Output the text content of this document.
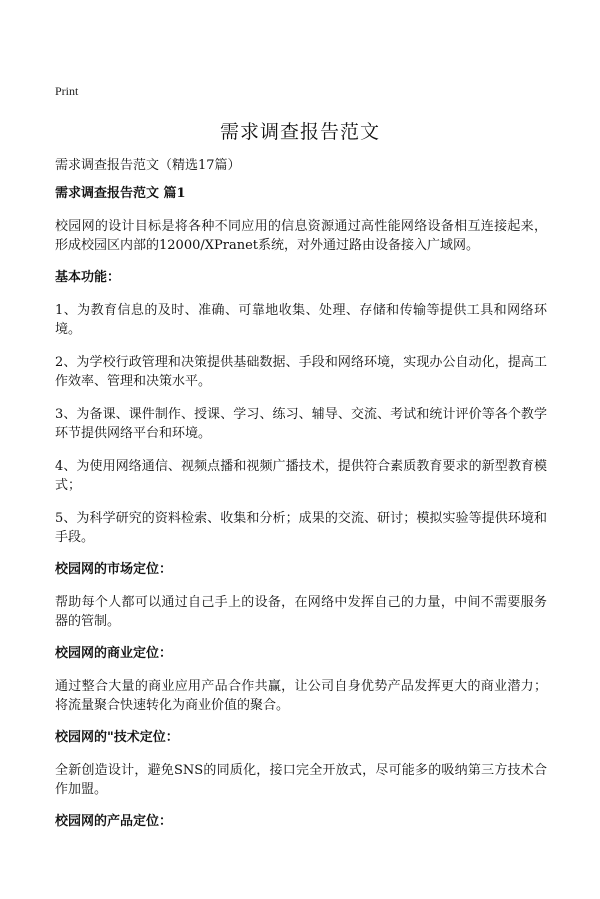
Print
需求调查报告范文

需求调查报告范文（精选17篇）

需求调查报告范文 篇1
校园网的设计目标是将各种不同应用的信息资源通过高性能网络设备相互连接起来，形成校园区内部的12000/XPranet系统，对外通过路由设备接入广域网。
基本功能：
1、为教育信息的及时、准确、可靠地收集、处理、存储和传输等提供工具和网络环境。
2、为学校行政管理和决策提供基础数据、手段和网络环境，实现办公自动化，提高工作效率、管理和决策水平。
3、为备课、课件制作、授课、学习、练习、辅导、交流、考试和统计评价等各个教学环节提供网络平台和环境。
4、为使用网络通信、视频点播和视频广播技术，提供符合素质教育要求的新型教育模式；
5、为科学研究的资料检索、收集和分析；成果的交流、研讨；模拟实验等提供环境和手段。
校园网的市场定位：
帮助每个人都可以通过自己手上的设备，在网络中发挥自己的力量，中间不需要服务器的管制。
校园网的商业定位：
通过整合大量的商业应用产品合作共赢，让公司自身优势产品发挥更大的商业潜力；将流量聚合快速转化为商业价值的聚合。
校园网的"技术定位：
全新创造设计，避免SNS的同质化，接口完全开放式，尽可能多的吸纳第三方技术合作加盟。
校园网的产品定位：
